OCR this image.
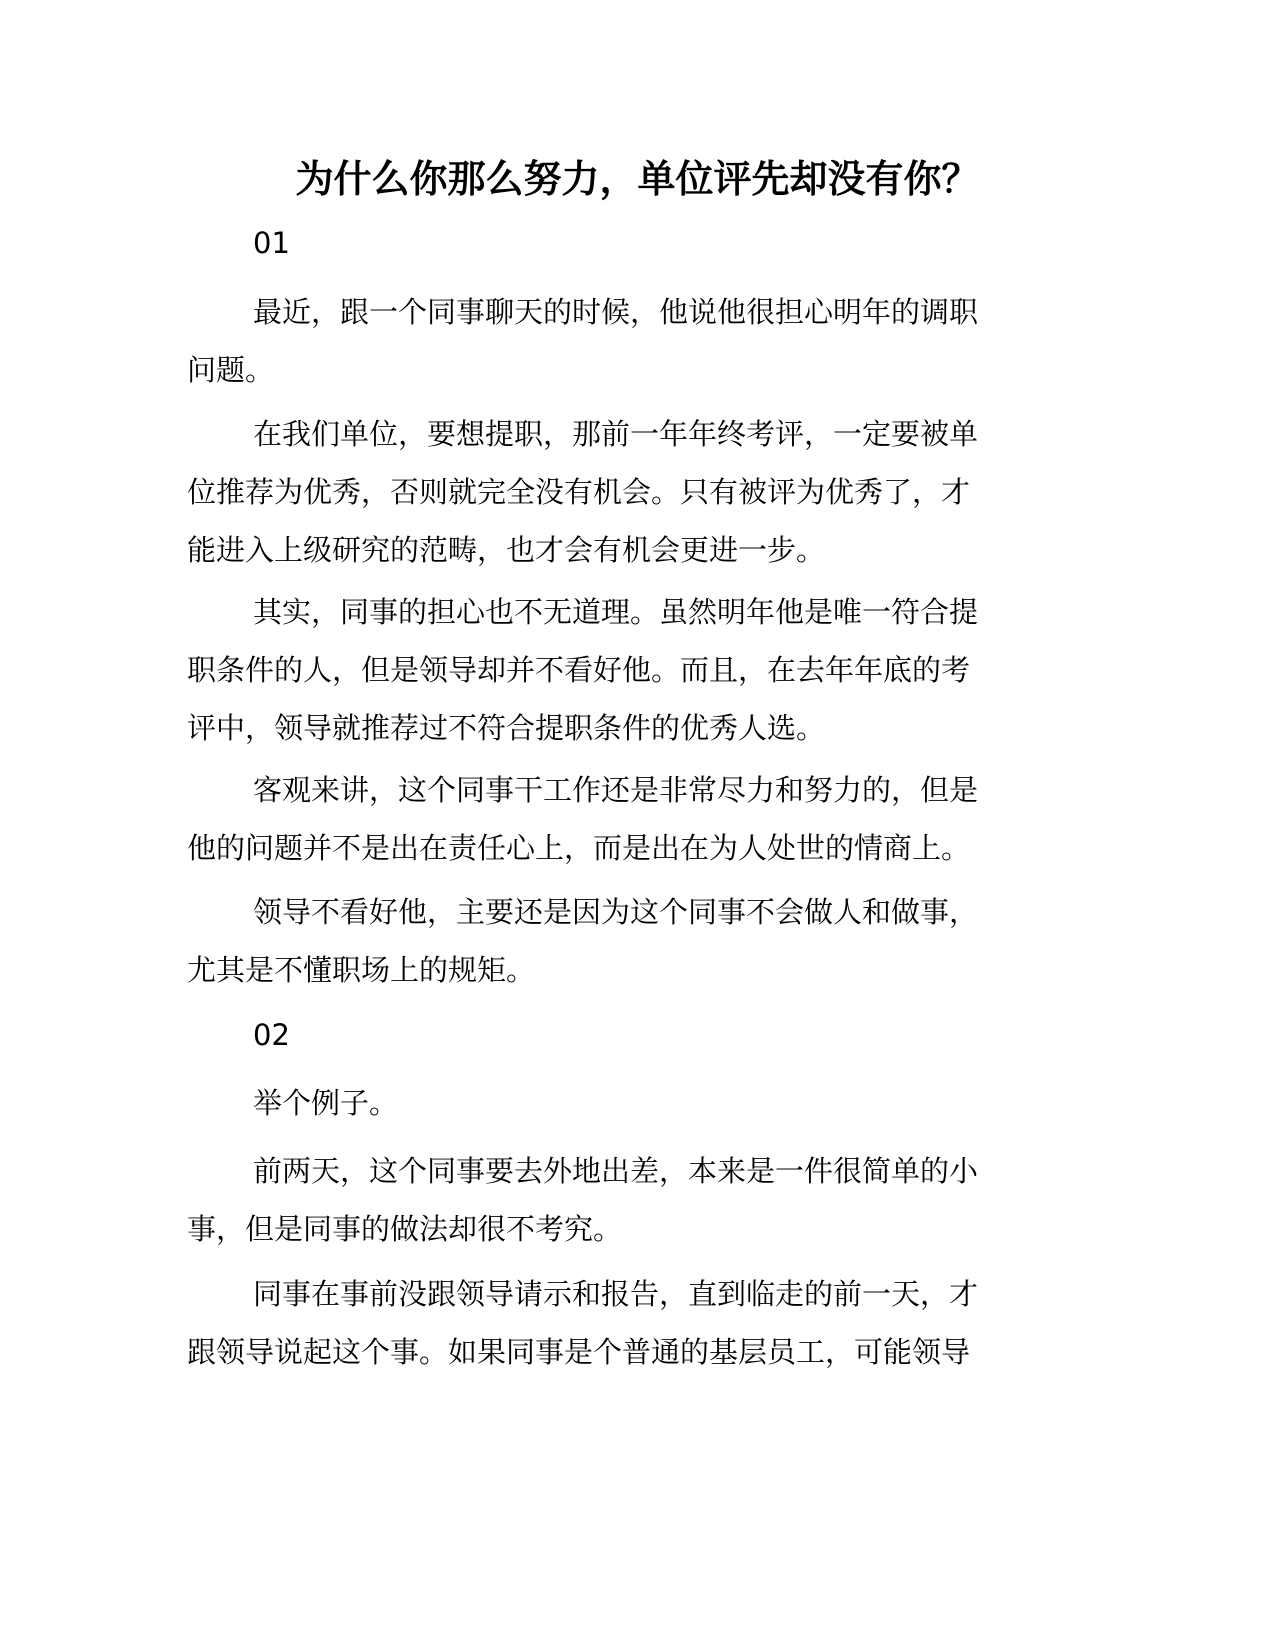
为什么你那么努力，单位评先却没有你？
01
最近，跟一个同事聊天的时候，他说他很担心明年的调职
问题。
在我们单位，要想提职，那前一年年终考评，一定要被单
位推荐为优秀，否则就完全没有机会。只有被评为优秀了，才
能进入上级研究的范畴，也才会有机会更进一步。
其实，同事的担心也不无道理。虽然明年他是唯一符合提
职条件的人，但是领导却并不看好他。而且，在去年年底的考
评中，领导就推荐过不符合提职条件的优秀人选。
客观来讲，这个同事干工作还是非常尽力和努力的，但是
他的问题并不是出在责任心上，而是出在为人处世的情商上。
领导不看好他，主要还是因为这个同事不会做人和做事，
尤其是不懂职场上的规矩。
02
举个例子。
前两天，这个同事要去外地出差，本来是一件很简单的小
事，但是同事的做法却很不考究。
同事在事前没跟领导请示和报告，直到临走的前一天，才
跟领导说起这个事。如果同事是个普通的基层员工，可能领导
